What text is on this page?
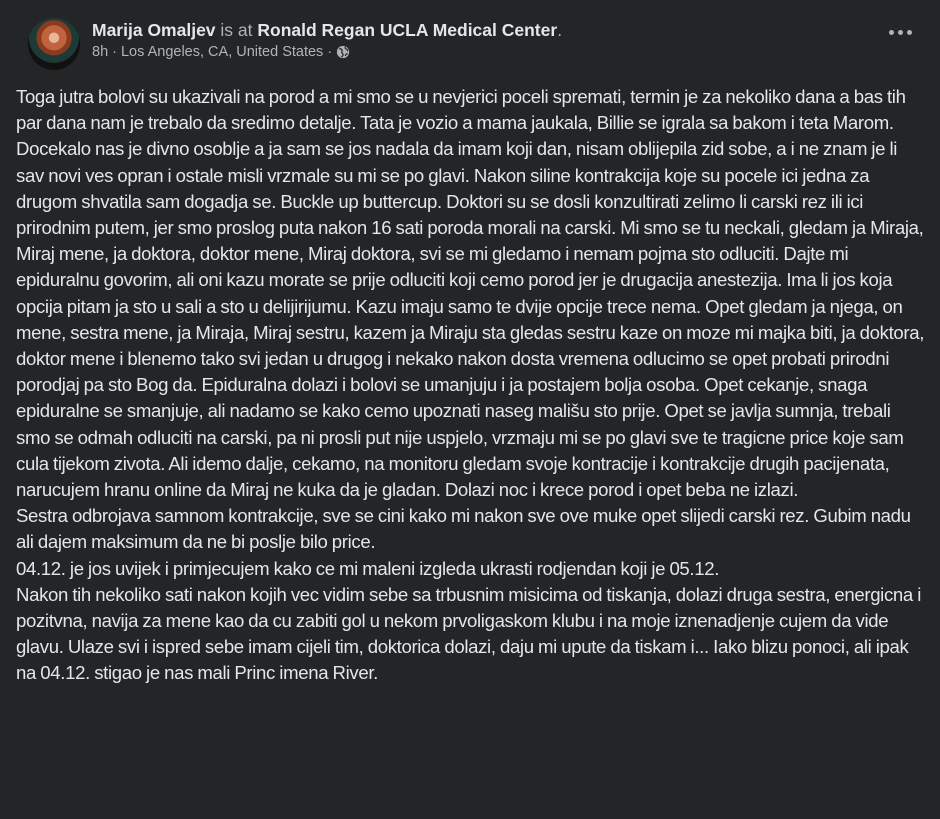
Marija Omaljev is at Ronald Regan UCLA Medical Center.
8h · Los Angeles, CA, United States ·

Toga jutra bolovi su ukazivali na porod a mi smo se u nevjerici poceli spremati, termin je za nekoliko dana a bas tih par dana nam je trebalo da sredimo detalje. Tata je vozio a mama jaukala, Billie se igrala sa bakom i teta Marom. Docekalo nas je divno osoblje a ja sam se jos nadala da imam koji dan, nisam oblijepila zid sobe, a i ne znam je li sav novi ves opran i ostale misli vrzmale su mi se po glavi. Nakon siline kontrakcija koje su pocele ici jedna za drugom shvatila sam dogadja se. Buckle up buttercup. Doktori su se dosli konzultirati zelimo li carski rez ili ici prirodnim putem, jer smo proslog puta nakon 16 sati poroda morali na carski. Mi smo se tu neckali, gledam ja Miraja, Miraj mene, ja doktora, doktor mene, Miraj doktora, svi se mi gledamo i nemam pojma sto odluciti. Dajte mi epiduralnu govorim, ali oni kazu morate se prije odluciti koji cemo porod jer je drugacija anestezija. Ima li jos koja opcija pitam ja sto u sali a sto u delijirijumu. Kazu imaju samo te dvije opcije trece nema. Opet gledam ja njega, on mene, sestra mene, ja Miraja, Miraj sestru, kazem ja Miraju sta gledas sestru kaze on moze mi majka biti, ja doktora, doktor mene i blenemo tako svi jedan u drugog i nekako nakon dosta vremena odlucimo se opet probati prirodni porodjaj pa sto Bog da. Epiduralna dolazi i bolovi se umanjuju i ja postajem bolja osoba. Opet cekanje, snaga epiduralne se smanjuje, ali nadamo se kako cemo upoznati naseg mališu sto prije. Opet se javlja sumnja, trebali smo se odmah odluciti na carski, pa ni prosli put nije uspjelo, vrzmaju mi se po glavi sve te tragicne price koje sam cula tijekom zivota. Ali idemo dalje, cekamo, na monitoru gledam svoje kontracije i kontrakcije drugih pacijenata, narucujem hranu online da Miraj ne kuka da je gladan. Dolazi noc i krece porod i opet beba ne izlazi.

Sestra odbrojava samnom kontrakcije, sve se cini kako mi nakon sve ove muke opet slijedi carski rez. Gubim nadu ali dajem maksimum da ne bi poslje bilo price.

04.12. je jos uvijek i primjecujem kako ce mi maleni izgleda ukrasti rodjendan koji je 05.12.

Nakon tih nekoliko sati nakon kojih vec vidim sebe sa trbusnim misicima od tiskanja, dolazi druga sestra, energicna i pozitvna, navija za mene kao da cu zabiti gol u nekom prvoligaskom klubu i na moje iznenadjenje cujem da vide glavu. Ulaze svi i ispred sebe imam cijeli tim, doktorica dolazi, daju mi upute da tiskam i... Iako blizu ponoci, ali ipak na 04.12. stigao je nas mali Princ imena River.
